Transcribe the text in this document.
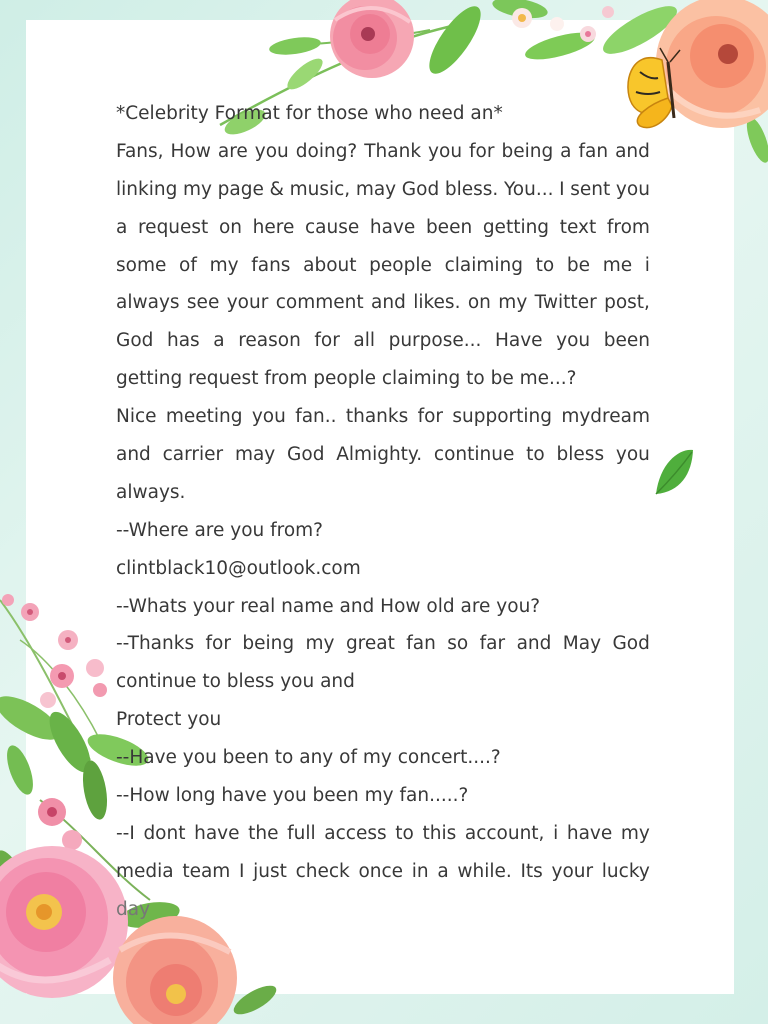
*Celebrity Format for those who need an*
Fans, How are you doing? Thank you for being a fan and
linking my page & music, may God bless. You... I sent you
a request on here cause have been getting text from
some of my fans about people claiming to be me i
always see your comment and likes. on my Twitter post,
God has a reason for all purpose... Have you been
getting request from people claiming to be me...?
Nice meeting you fan.. thanks for supporting mydream
and carrier may God Almighty. continue to bless you
always.
--Where are you from?
clintblack10@outlook.com
--Whats your real name and How old are you?
--Thanks for being my great fan so far and May God
continue to bless you and
Protect you
--Have you been to any of my concert....?
--How long have you been my fan.....?
--I dont have the full access to this account, i have my
media team I just check once in a while. Its your lucky
day
